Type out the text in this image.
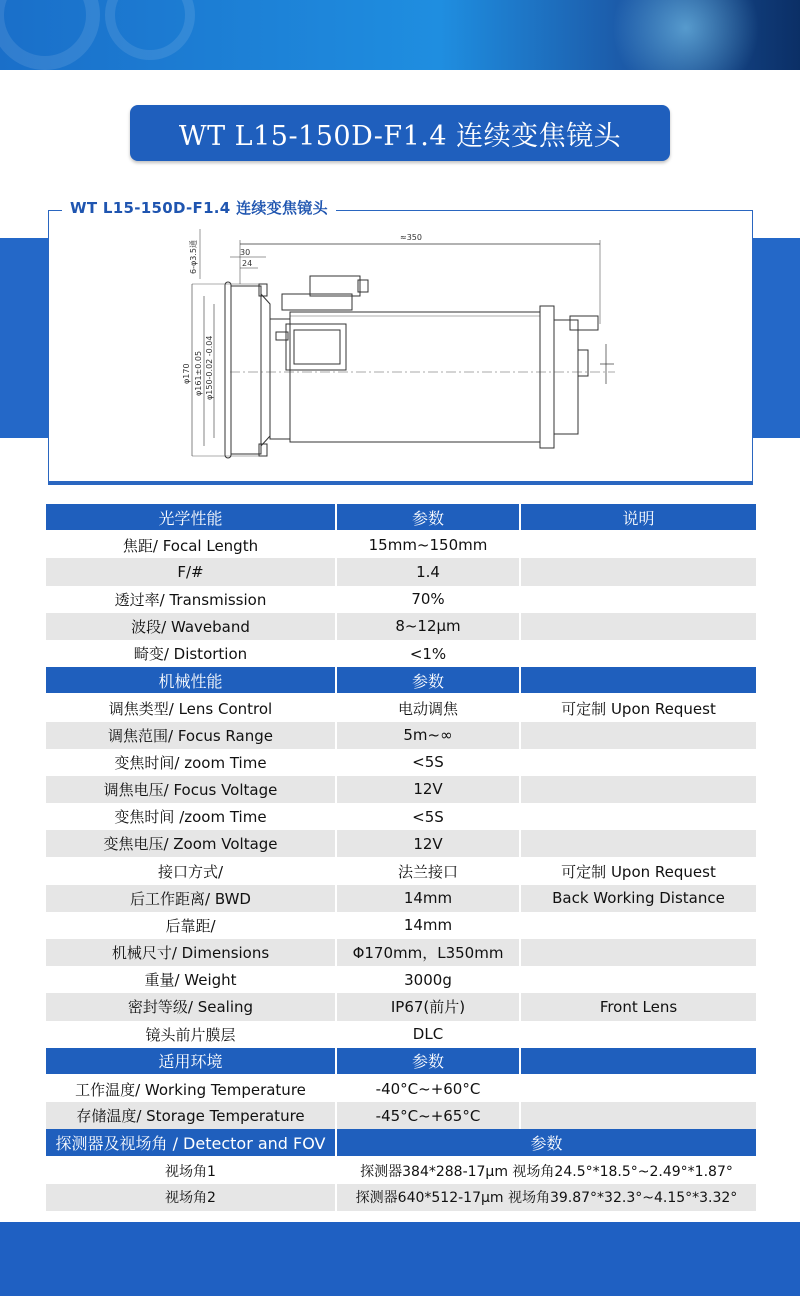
WT L15-150D-F1.4 连续变焦镜头
WT L15-150D-F1.4 连续变焦镜头
≈350
30
24
6-φ3.5通
φ170 φ161±0.05 φ150-0.02 -0.04
光学性能	参数	说明
焦距/ Focal Length	15mm~150mm	
F/#	1.4	
透过率/ Transmission	70%	
波段/ Waveband	8~12μm	
畸变/ Distortion	<1%	
机械性能	参数	
调焦类型/ Lens Control	电动调焦	可定制 Upon Request
调焦范围/ Focus Range	5m~∞	
变焦时间/ zoom Time	<5S	
调焦电压/ Focus Voltage	12V	
变焦时间 /zoom Time	<5S	
变焦电压/ Zoom Voltage	12V	
接口方式/	法兰接口	可定制 Upon Request
后工作距离/ BWD	14mm	Back Working Distance
后靠距/	14mm	
机械尺寸/ Dimensions	Φ170mm，L350mm	
重量/ Weight	3000g	
密封等级/ Sealing	IP67(前片)	Front Lens
镜头前片膜层	DLC	
适用环境	参数	
工作温度/ Working Temperature	-40°C~+60°C	
存储温度/ Storage Temperature	-45°C~+65°C	
探测器及视场角 / Detector and FOV	参数	
视场角1	探测器384*288-17μm 视场角24.5°*18.5°~2.49°*1.87°	
视场角2	探测器640*512-17μm 视场角39.87°*32.3°~4.15°*3.32°	
